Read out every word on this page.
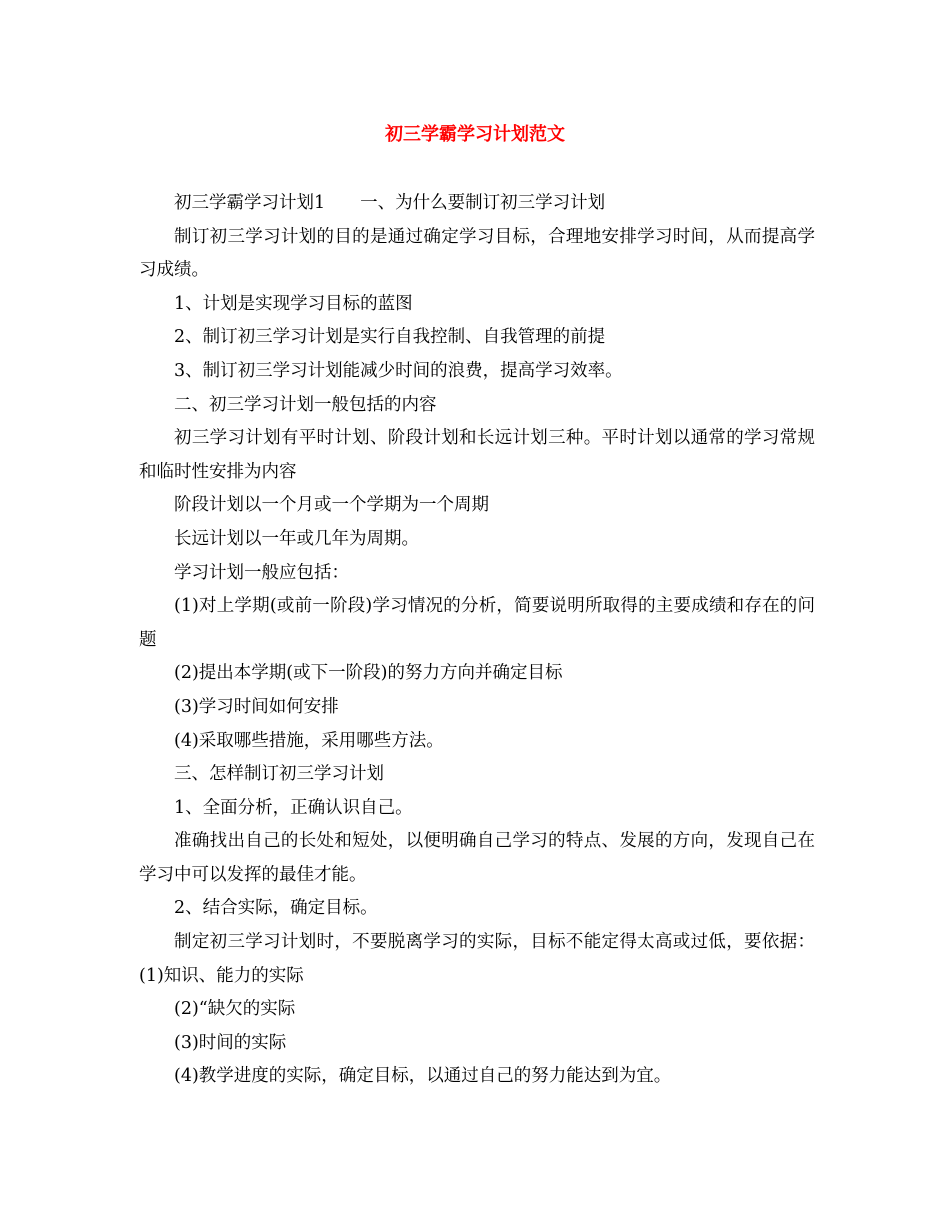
初三学霸学习计划范文

初三学霸学习计划1　　一、为什么要制订初三学习计划

制订初三学习计划的目的是通过确定学习目标，合理地安排学习时间，从而提高学习成绩。

1、计划是实现学习目标的蓝图

2、制订初三学习计划是实行自我控制、自我管理的前提

3、制订初三学习计划能减少时间的浪费，提高学习效率。

二、初三学习计划一般包括的内容

初三学习计划有平时计划、阶段计划和长远计划三种。平时计划以通常的学习常规和临时性安排为内容

阶段计划以一个月或一个学期为一个周期

长远计划以一年或几年为周期。

学习计划一般应包括：

(1)对上学期(或前一阶段)学习情况的分析，简要说明所取得的主要成绩和存在的问题

(2)提出本学期(或下一阶段)的努力方向并确定目标

(3)学习时间如何安排

(4)采取哪些措施，采用哪些方法。

三、怎样制订初三学习计划

1、全面分析，正确认识自己。

准确找出自己的长处和短处，以便明确自己学习的特点、发展的方向，发现自己在学习中可以发挥的最佳才能。

2、结合实际，确定目标。

制定初三学习计划时，不要脱离学习的实际，目标不能定得太高或过低，要依据：(1)知识、能力的实际

(2)“缺欠的实际

(3)时间的实际

(4)教学进度的实际，确定目标，以通过自己的努力能达到为宜。
